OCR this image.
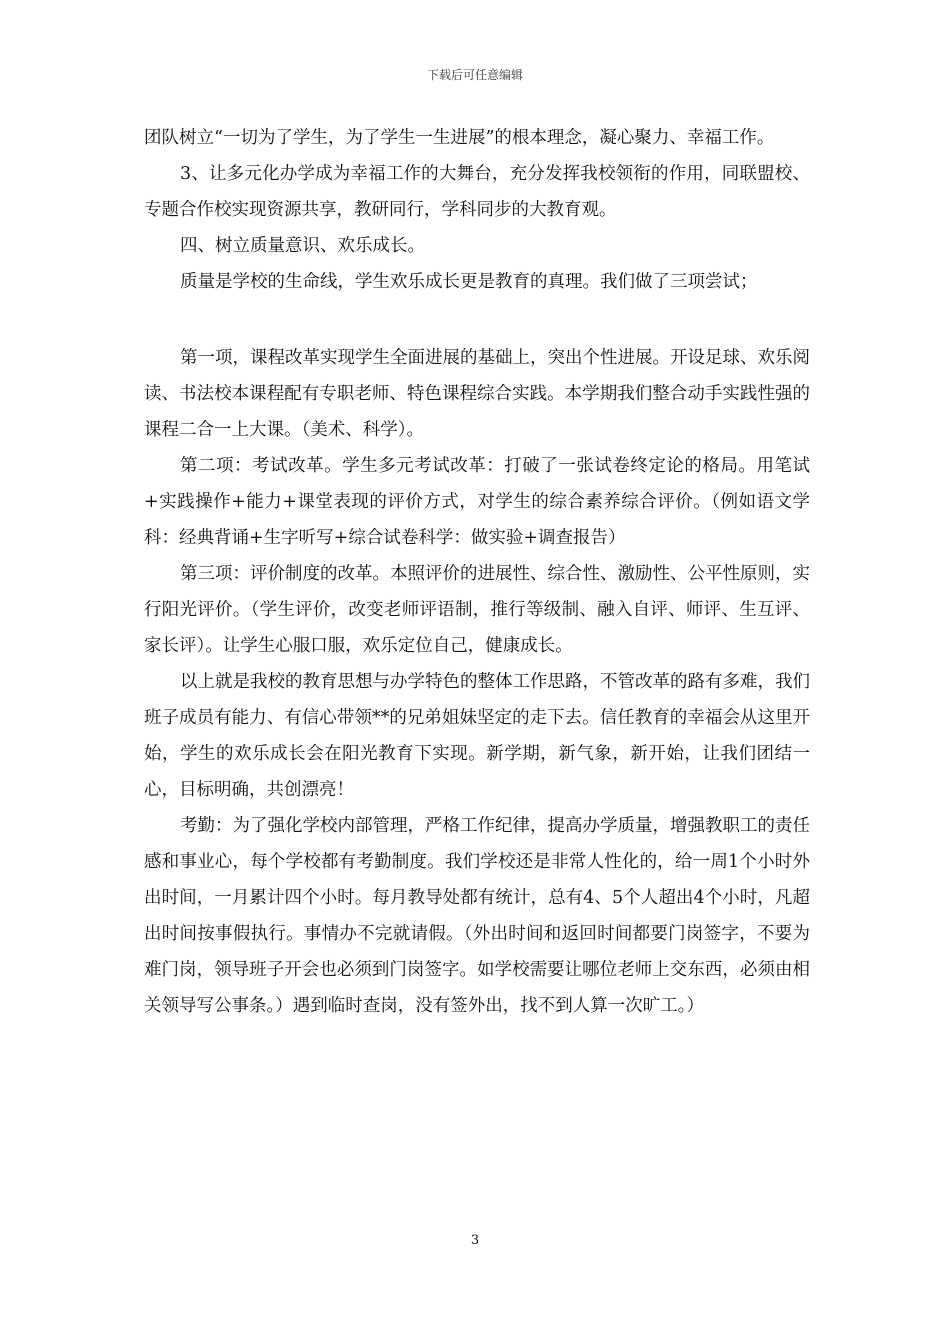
下载后可任意编辑

团队树立“一切为了学生，为了学生一生进展”的根本理念，凝心聚力、幸福工作。

3、让多元化办学成为幸福工作的大舞台，充分发挥我校领衔的作用，同联盟校、专题合作校实现资源共享，教研同行，学科同步的大教育观。

四、树立质量意识、欢乐成长。

质量是学校的生命线，学生欢乐成长更是教育的真理。我们做了三项尝试；

第一项，课程改革实现学生全面进展的基础上，突出个性进展。开设足球、欢乐阅读、书法校本课程配有专职老师、特色课程综合实践。本学期我们整合动手实践性强的课程二合一上大课。（美术、科学）。

第二项：考试改革。学生多元考试改革：打破了一张试卷终定论的格局。用笔试+实践操作+能力+课堂表现的评价方式，对学生的综合素养综合评价。（例如语文学科：经典背诵+生字听写+综合试卷科学：做实验+调查报告）

第三项：评价制度的改革。本照评价的进展性、综合性、激励性、公平性原则，实行阳光评价。（学生评价，改变老师评语制，推行等级制、融入自评、师评、生互评、家长评）。让学生心服口服，欢乐定位自己，健康成长。

以上就是我校的教育思想与办学特色的整体工作思路，不管改革的路有多难，我们班子成员有能力、有信心带领**的兄弟姐妹坚定的走下去。信任教育的幸福会从这里开始，学生的欢乐成长会在阳光教育下实现。新学期，新气象，新开始，让我们团结一心，目标明确，共创漂亮！

考勤：为了强化学校内部管理，严格工作纪律，提高办学质量，增强教职工的责任感和事业心，每个学校都有考勤制度。我们学校还是非常人性化的，给一周1个小时外出时间，一月累计四个小时。每月教导处都有统计，总有4、5个人超出4个小时，凡超出时间按事假执行。事情办不完就请假。（外出时间和返回时间都要门岗签字，不要为难门岗，领导班子开会也必须到门岗签字。如学校需要让哪位老师上交东西，必须由相关领导写公事条。）遇到临时查岗，没有签外出，找不到人算一次旷工。）

3
